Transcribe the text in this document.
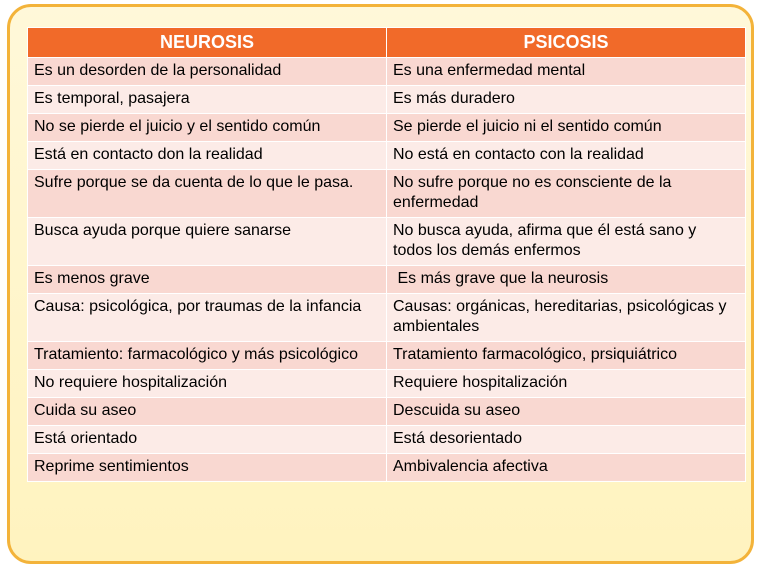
NEUROSIS	PSICOSIS
Es un desorden de la personalidad	Es una enfermedad mental
Es temporal, pasajera	Es más duradero
No se pierde el juicio y el sentido común	Se pierde el juicio ni el sentido común
Está en contacto don la realidad	No está en contacto con la realidad
Sufre porque se da cuenta de lo que le pasa.	No sufre porque no es consciente de la enfermedad
Busca ayuda porque quiere sanarse	No busca ayuda, afirma que él está sano y todos los demás enfermos
Es menos grave	Es más grave que la neurosis
Causa: psicológica, por traumas de la infancia	Causas: orgánicas, hereditarias, psicológicas y ambientales
Tratamiento: farmacológico y más psicológico	Tratamiento farmacológico, prsiquiátrico
No requiere hospitalización	Requiere hospitalización
Cuida su aseo	Descuida su aseo
Está orientado	Está desorientado
Reprime sentimientos	Ambivalencia afectiva
